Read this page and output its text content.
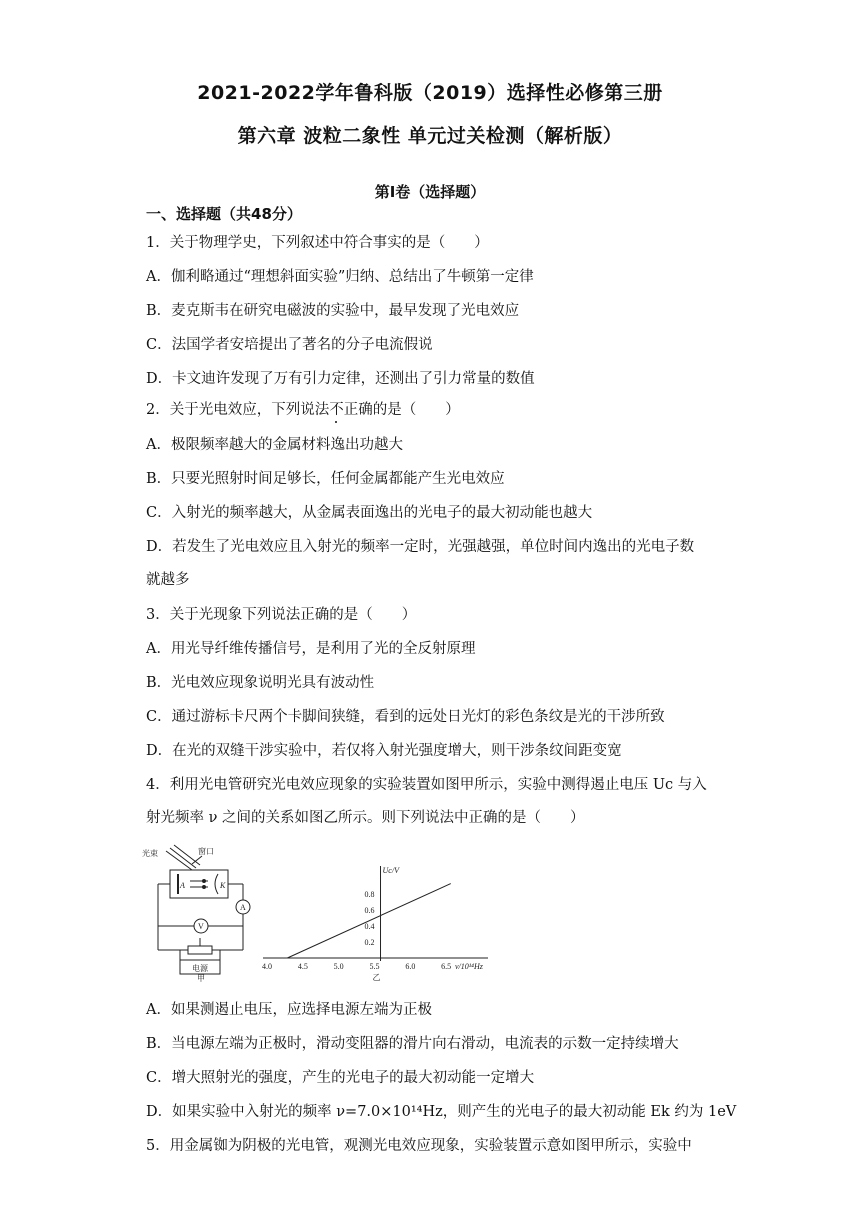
2021-2022学年鲁科版（2019）选择性必修第三册
第六章 波粒二象性 单元过关检测（解析版）
第Ⅰ卷（选择题）
一、选择题（共48分）
1．关于物理学史，下列叙述中符合事实的是（　　）
A．伽利略通过“理想斜面实验”归纳、总结出了牛顿第一定律
B．麦克斯韦在研究电磁波的实验中，最早发现了光电效应
C．法国学者安培提出了著名的分子电流假说
D．卡文迪许发现了万有引力定律，还测出了引力常量的数值
2．关于光电效应，下列说法不正确的是（　　）
A．极限频率越大的金属材料逸出功越大
B．只要光照射时间足够长，任何金属都能产生光电效应
C．入射光的频率越大，从金属表面逸出的光电子的最大初动能也越大
D．若发生了光电效应且入射光的频率一定时，光强越强，单位时间内逸出的光电子数
就越多
3．关于光现象下列说法正确的是（　　）
A．用光导纤维传播信号，是利用了光的全反射原理
B．光电效应现象说明光具有波动性
C．通过游标卡尺两个卡脚间狭缝，看到的远处日光灯的彩色条纹是光的干涉所致
D．在光的双缝干涉实验中，若仅将入射光强度增大，则干涉条纹间距变宽
4．利用光电管研究光电效应现象的实验装置如图甲所示，实验中测得遏止电压 Uc 与入
射光频率 ν 之间的关系如图乙所示。则下列说法中正确的是（　　）
光束	窗口
A	K
A
V
电源
甲
4.0	4.5	5.0	5.5	6.0	6.5
0.2
0.4
0.6
0.8
Uc/V
ν/10¹⁴Hz
乙
A．如果测遏止电压，应选择电源左端为正极
B．当电源左端为正极时，滑动变阻器的滑片向右滑动，电流表的示数一定持续增大
C．增大照射光的强度，产生的光电子的最大初动能一定增大
D．如果实验中入射光的频率 ν=7.0×10¹⁴Hz，则产生的光电子的最大初动能 Ek 约为 1eV
5．用金属铷为阴极的光电管，观测光电效应现象，实验装置示意如图甲所示，实验中
